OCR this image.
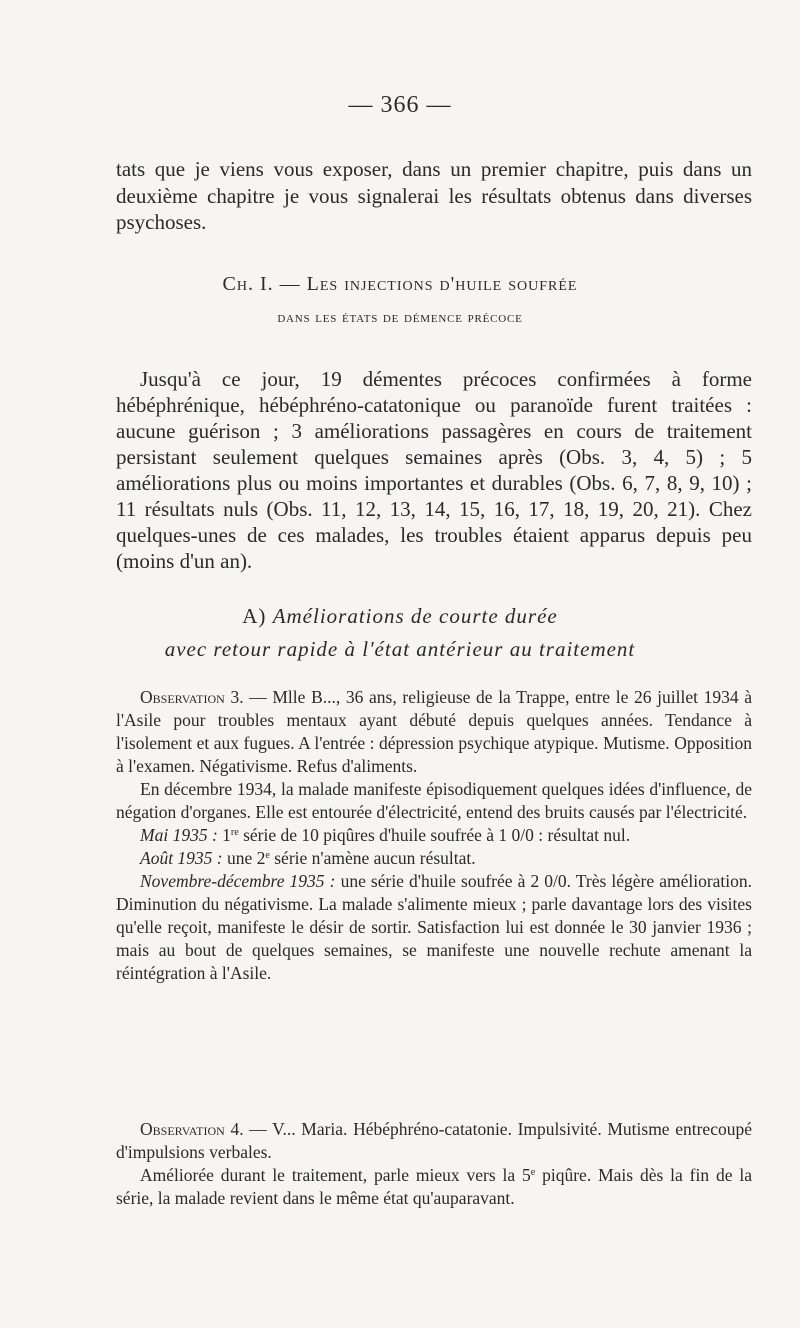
— 366 —

tats que je viens vous exposer, dans un premier chapitre, puis dans un deuxième chapitre je vous signalerai les résultats obtenus dans diverses psychoses.

Ch. I. — Les injections d'huile soufrée
dans les états de démence précoce

Jusqu'à ce jour, 19 démentes précoces confirmées à forme hébéphrénique, hébéphréno-catatonique ou paranoïde furent traitées : aucune guérison ; 3 améliorations passagères en cours de traitement persistant seulement quelques semaines après (Obs. 3, 4, 5) ; 5 améliorations plus ou moins importantes et durables (Obs. 6, 7, 8, 9, 10) ; 11 résultats nuls (Obs. 11, 12, 13, 14, 15, 16, 17, 18, 19, 20, 21). Chez quelques-unes de ces malades, les troubles étaient apparus depuis peu (moins d'un an).

A) Améliorations de courte durée
avec retour rapide à l'état antérieur au traitement

Observation 3. — Mlle B..., 36 ans, religieuse de la Trappe, entre le 26 juillet 1934 à l'Asile pour troubles mentaux ayant débuté depuis quelques années. Tendance à l'isolement et aux fugues. A l'entrée : dépression psychique atypique. Mutisme. Opposition à l'examen. Négativisme. Refus d'aliments.

En décembre 1934, la malade manifeste épisodiquement quelques idées d'influence, de négation d'organes. Elle est entourée d'électricité, entend des bruits causés par l'électricité.

Mai 1935 : 1re série de 10 piqûres d'huile soufrée à 1 0/0 : résultat nul.

Août 1935 : une 2e série n'amène aucun résultat.

Novembre-décembre 1935 : une série d'huile soufrée à 2 0/0. Très légère amélioration. Diminution du négativisme. La malade s'alimente mieux ; parle davantage lors des visites qu'elle reçoit, manifeste le désir de sortir. Satisfaction lui est donnée le 30 janvier 1936 ; mais au bout de quelques semaines, se manifeste une nouvelle rechute amenant la réintégration à l'Asile.

Observation 4. — V... Maria. Hébéphréno-catatonie. Impulsivité. Mutisme entrecoupé d'impulsions verbales.

Améliorée durant le traitement, parle mieux vers la 5e piqûre. Mais dès la fin de la série, la malade revient dans le même état qu'auparavant.
